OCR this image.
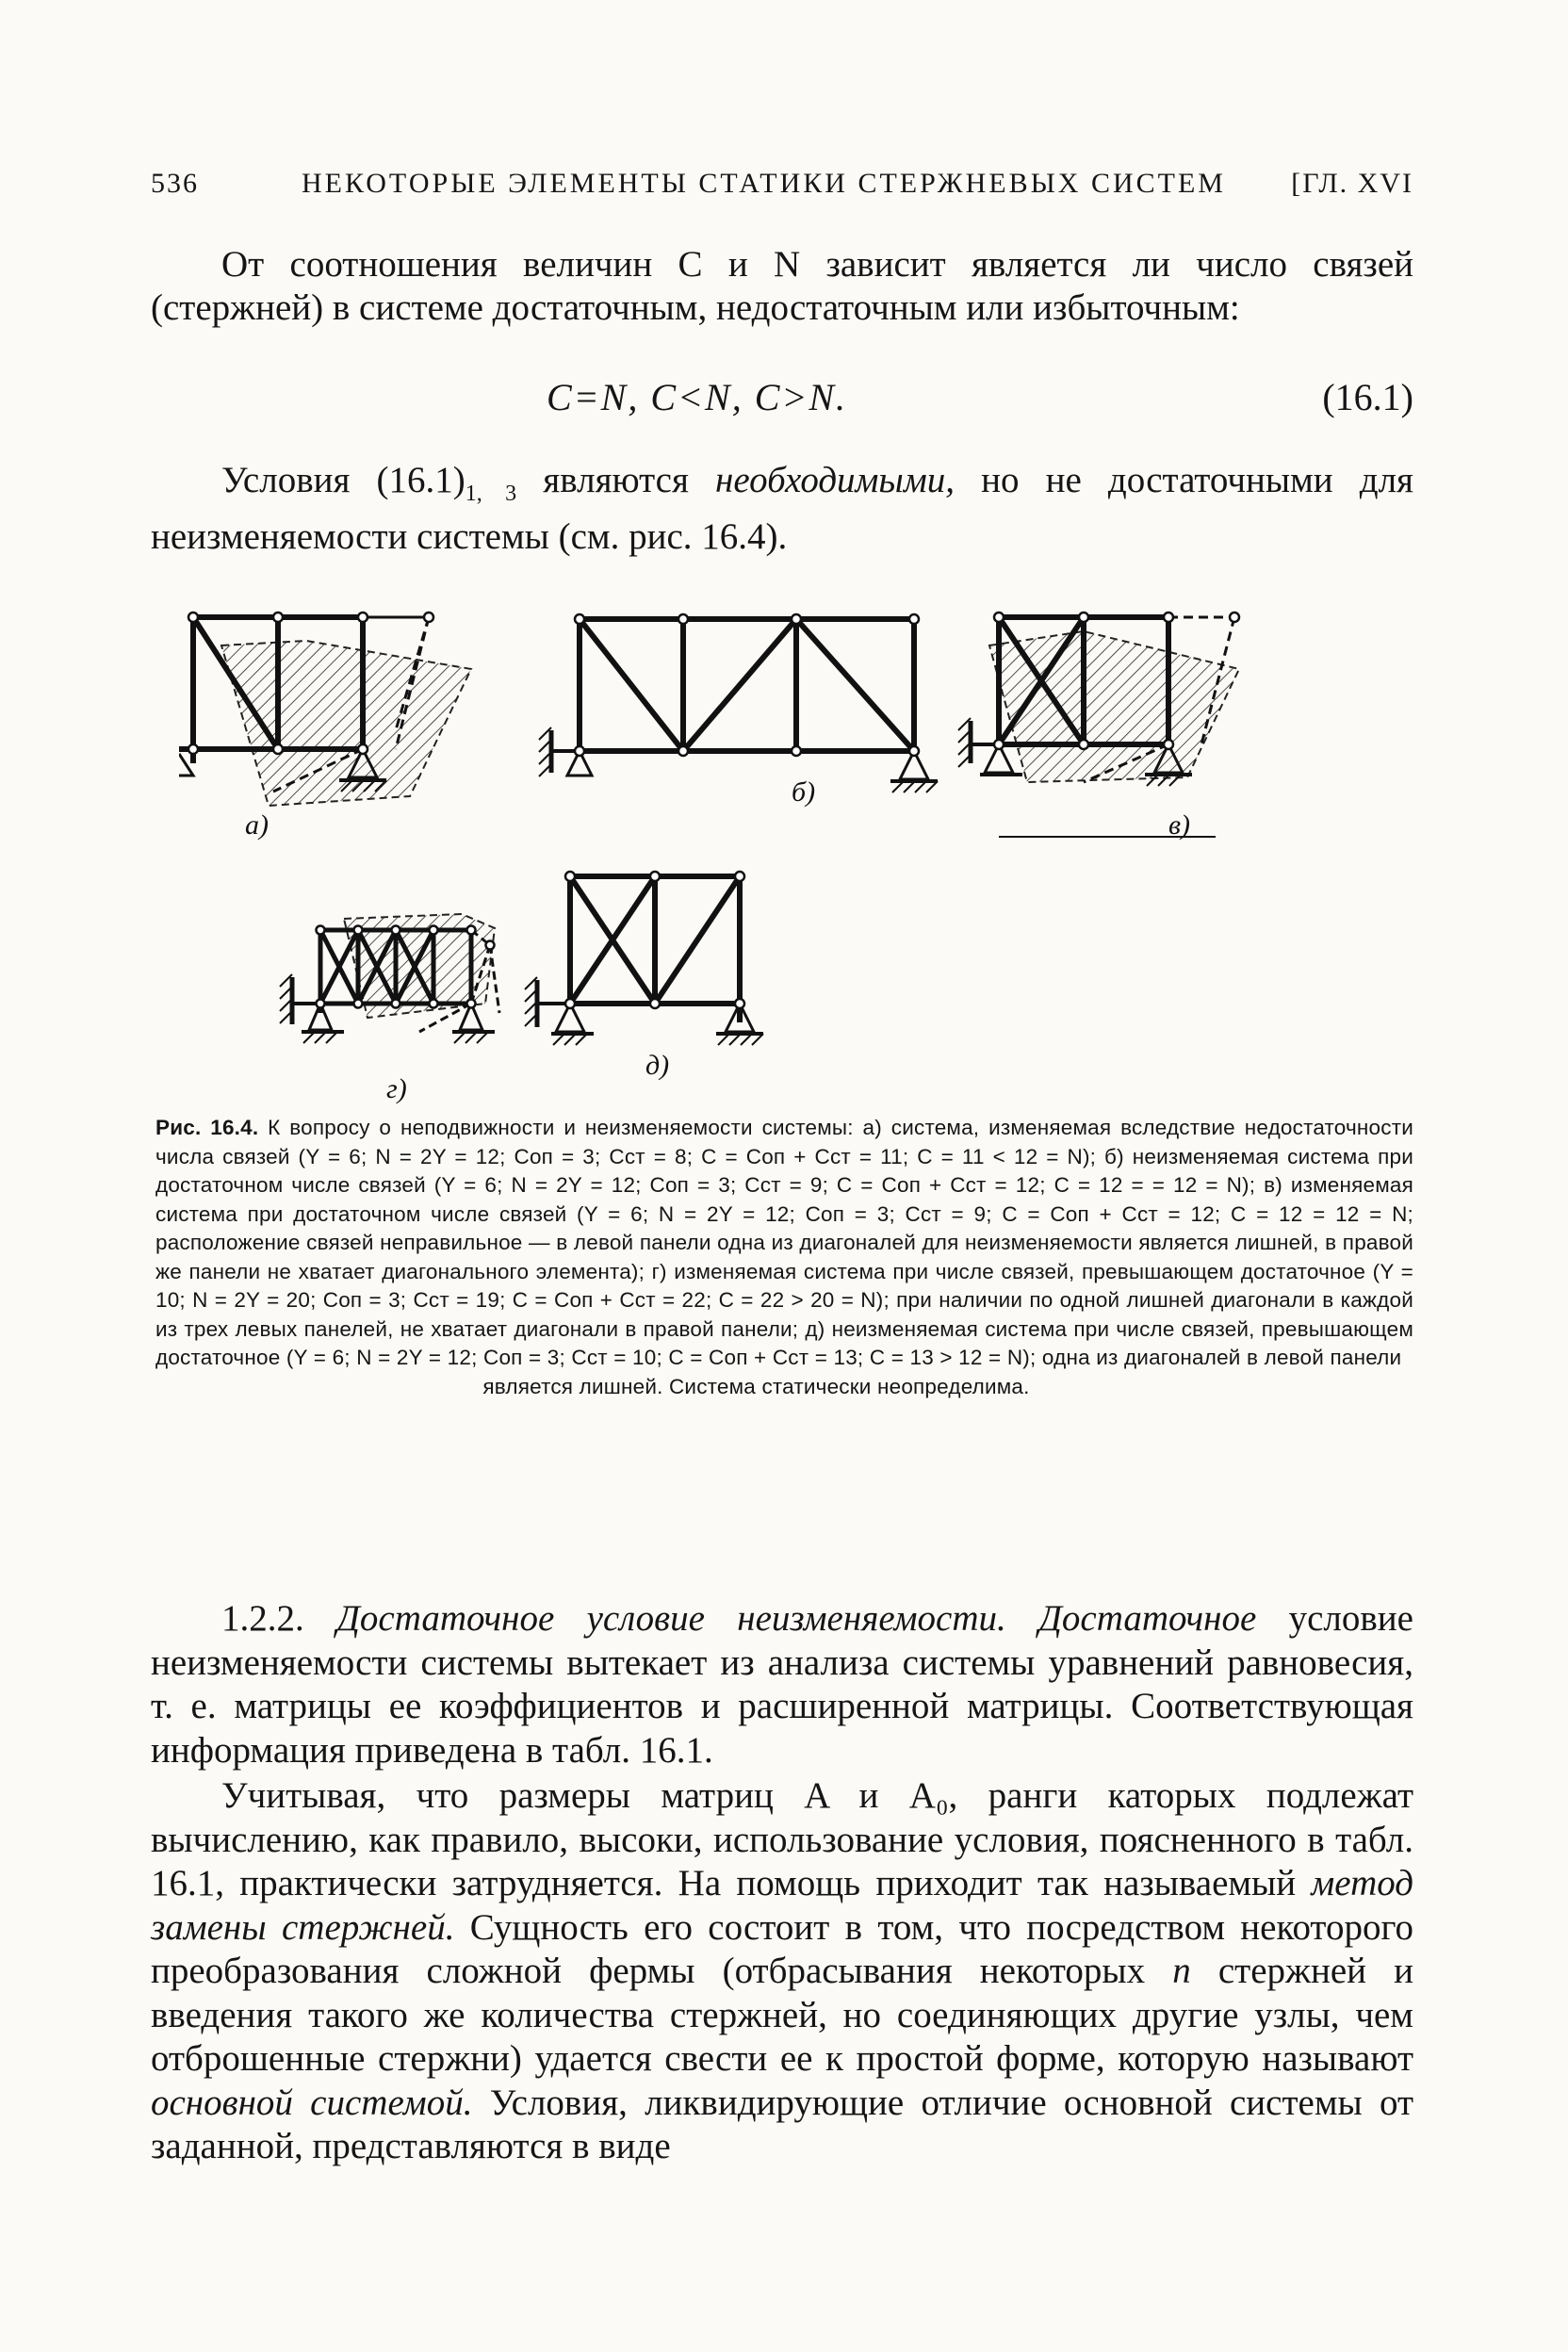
536	НЕКОТОРЫЕ ЭЛЕМЕНТЫ СТАТИКИ СТЕРЖНЕВЫХ СИСТЕМ [ГЛ. XVI
От соотношения величин C и N зависит является ли число связей (стержней) в системе достаточным, недостаточным или избыточным:
C=N, C<N, C>N.	(16.1)
Условия $(16.1)_{1, 3}$ являются необходимыми, но не достаточными для неизменяемости системы (см. рис. 16.4).
а)
б)
в)
г)
д)
Рис. 16.4. К вопросу о неподвижности и неизменяемости системы: а) система, изменяемая вследствие недостаточности числа связей (Y = 6; N = 2Y = 12; Cоп = 3; Cст = 8; C = Cоп + Cст = 11; C = 11 < 12 = N); б) неизменяемая система при достаточном числе связей (Y = 6; N = 2Y = 12; Cоп = 3; Cст = 9; C = Cоп + Cст = 12; C = 12 = = 12 = N); в) изменяемая система при достаточном числе связей (Y = 6; N = 2Y = 12; Cоп = 3; Cст = 9; C = Cоп + Cст = 12; C = 12 = 12 = N; расположение связей неправильное — в левой панели одна из диагоналей для неизменяемости является лишней, в правой же панели не хватает диагонального элемента); г) изменяемая система при числе связей, превышающем достаточное (Y = 10; N = 2Y = 20; Cоп = 3; Cст = 19; C = Cоп + Cст = 22; C = 22 > 20 = N); при наличии по одной лишней диагонали в каждой из трех левых панелей, не хватает диагонали в правой панели; д) неизменяемая система при числе связей, превышающем достаточное (Y = 6; N = 2Y = 12; Cоп = 3; Cст = 10; C = Cоп + Cст = 13; C = 13 > 12 = N); одна из диагоналей в левой панели
является лишней. Система статически неопределима.
1.2.2. Достаточное условие неизменяемости. Достаточное условие неизменяемости системы вытекает из анализа системы уравнений равновесия, т. е. матрицы ее коэффициентов и расширенной матрицы. Соответствующая информация приведена в табл. 16.1.
Учитывая, что размеры матриц A и A₀, ранги каторых подлежат вычислению, как правило, высоки, использование условия, поясненного в табл. 16.1, практически затрудняется. На помощь приходит так называемый метод замены стержней. Сущность его состоит в том, что посредством некоторого преобразования сложной фермы (отбрасывания некоторых n стержней и введения такого же количества стержней, но соединяющих другие узлы, чем отброшенные стержни) удается свести ее к простой форме, которую называют основной системой. Условия, ликвидирующие отличие основной системы от заданной, представляются в виде
